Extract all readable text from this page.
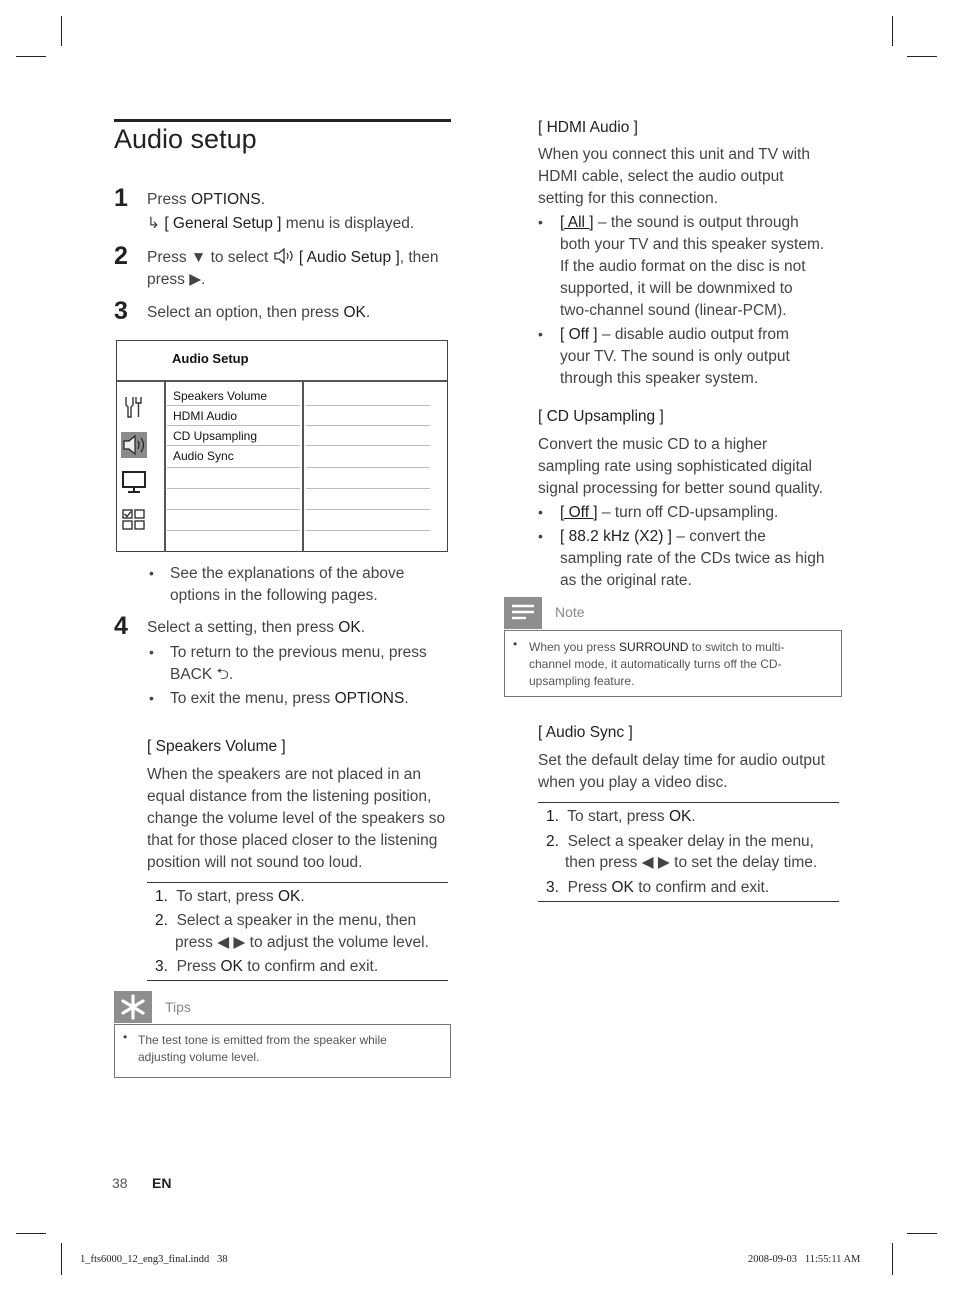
Audio setup
1 Press OPTIONS.
↳ [ General Setup ] menu is displayed.
2 Press ▼ to select  [ Audio Setup ], then
press ▶.
3 Select an option, then press OK.
Audio Setup
Speakers Volume
HDMI Audio
CD Upsampling
Audio Sync
• See the explanations of the above
options in the following pages.
4 Select a setting, then press OK.
• To return to the previous menu, press
BACK ⮌.
• To exit the menu, press OPTIONS.
[ Speakers Volume ]
When the speakers are not placed in an
equal distance from the listening position,
change the volume level of the speakers so
that for those placed closer to the listening
position will not sound too loud.
1. To start, press OK.
2. Select a speaker in the menu, then
press ◀ ▶ to adjust the volume level.
3. Press OK to confirm and exit.
Tips
• The test tone is emitted from the speaker while
adjusting volume level.
[ HDMI Audio ]
When you connect this unit and TV with
HDMI cable, select the audio output
setting for this connection.
• [ All ] – the sound is output through
both your TV and this speaker system.
If the audio format on the disc is not
supported, it will be downmixed to
two-channel sound (linear-PCM).
• [ Off ] – disable audio output from
your TV. The sound is only output
through this speaker system.
[ CD Upsampling ]
Convert the music CD to a higher
sampling rate using sophisticated digital
signal processing for better sound quality.
• [ Off ] – turn off CD-upsampling.
• [ 88.2 kHz (X2) ] – convert the
sampling rate of the CDs twice as high
as the original rate.
Note
• When you press SURROUND to switch to multi-
channel mode, it automatically turns off the CD-
upsampling feature.
[ Audio Sync ]
Set the default delay time for audio output
when you play a video disc.
1. To start, press OK.
2. Select a speaker delay in the menu,
then press ◀ ▶ to set the delay time.
3. Press OK to confirm and exit.
38 EN
1_fts6000_12_eng3_final.indd   38	2008-09-03   11:55:11 AM
